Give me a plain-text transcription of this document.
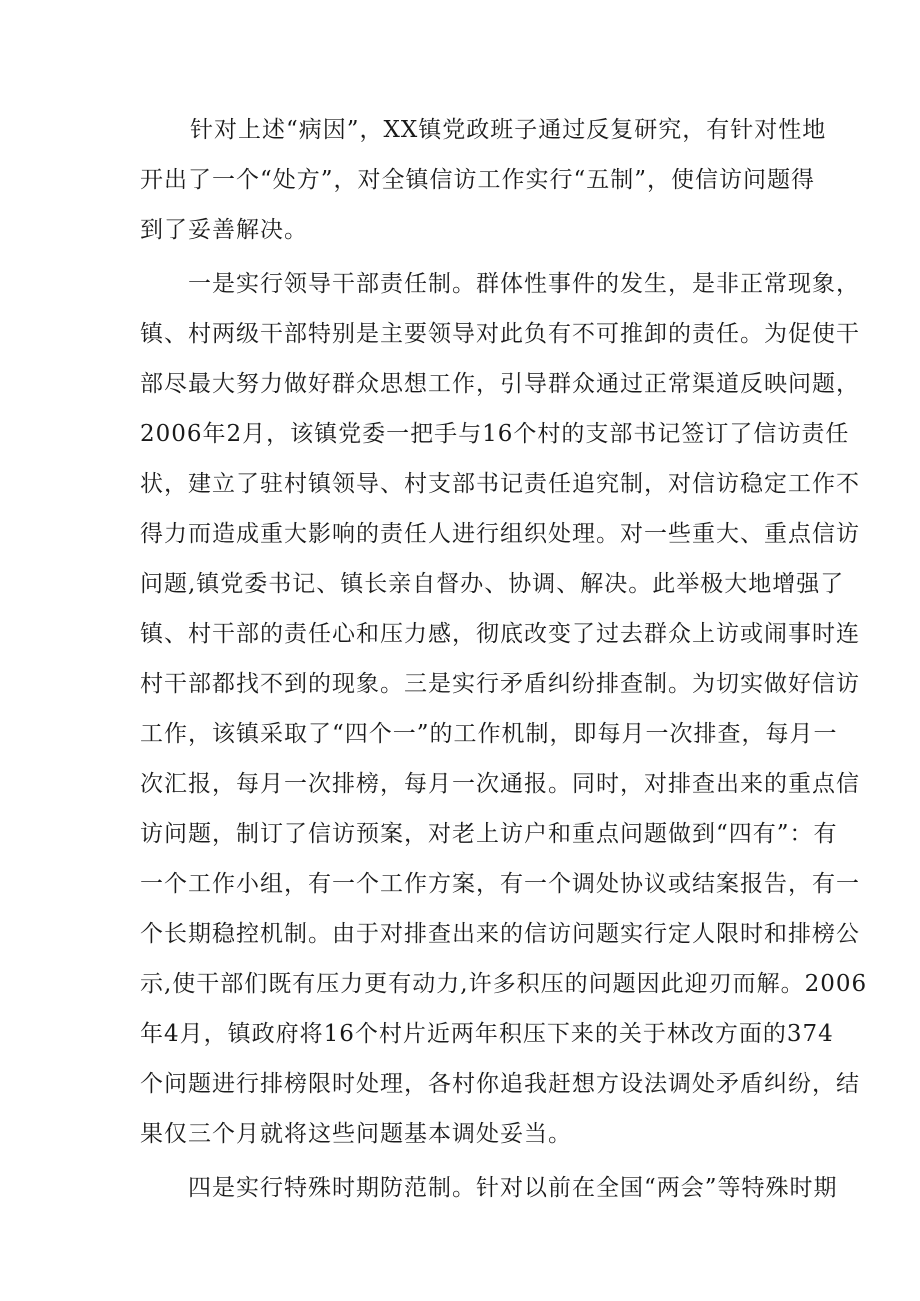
针对上述“病因”，XX镇党政班子通过反复研究，有针对性地
开出了一个“处方”，对全镇信访工作实行“五制”，使信访问题得
到了妥善解决。
一是实行领导干部责任制。群体性事件的发生，是非正常现象，
镇、村两级干部特别是主要领导对此负有不可推卸的责任。为促使干
部尽最大努力做好群众思想工作，引导群众通过正常渠道反映问题，
2006年2月，该镇党委一把手与16个村的支部书记签订了信访责任
状，建立了驻村镇领导、村支部书记责任追究制，对信访稳定工作不
得力而造成重大影响的责任人进行组织处理。对一些重大、重点信访
问题,镇党委书记、镇长亲自督办、协调、解决。此举极大地增强了
镇、村干部的责任心和压力感，彻底改变了过去群众上访或闹事时连
村干部都找不到的现象。三是实行矛盾纠纷排查制。为切实做好信访
工作，该镇采取了“四个一”的工作机制，即每月一次排查，每月一
次汇报，每月一次排榜，每月一次通报。同时，对排查出来的重点信
访问题，制订了信访预案，对老上访户和重点问题做到“四有”：有
一个工作小组，有一个工作方案，有一个调处协议或结案报告，有一
个长期稳控机制。由于对排查出来的信访问题实行定人限时和排榜公
示,使干部们既有压力更有动力,许多积压的问题因此迎刃而解。2006
年4月，镇政府将16个村片近两年积压下来的关于林改方面的374
个问题进行排榜限时处理，各村你追我赶想方设法调处矛盾纠纷，结
果仅三个月就将这些问题基本调处妥当。
四是实行特殊时期防范制。针对以前在全国“两会”等特殊时期
